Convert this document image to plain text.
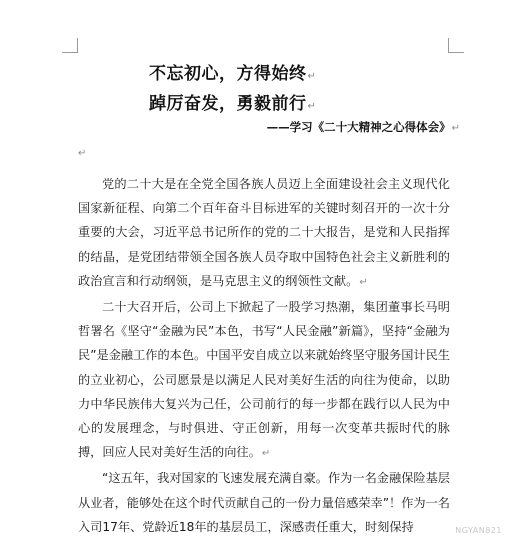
不忘初心，方得始终↵
踔厉奋发，勇毅前行↵
——学习《二十大精神之心得体会》↵
↵

党的二十大是在全党全国各族人员迈上全面建设社会主义现代化国家新征程、向第二个百年奋斗目标进军的关键时刻召开的一次十分重要的大会，习近平总书记所作的党的二十大报告，是党和人民指挥的结晶，是党团结带领全国各族人员夺取中国特色社会主义新胜利的政治宣言和行动纲领，是马克思主义的纲领性文献。↵

二十大召开后，公司上下掀起了一股学习热潮，集团董事长马明哲署名《坚守“金融为民”本色，书写“人民金融”新篇》，坚持“金融为民”是金融工作的本色。中国平安自成立以来就始终坚守服务国计民生的立业初心，公司愿景是以满足人民对美好生活的向往为使命，以助力中华民族伟大复兴为己任，公司前行的每一步都在践行以人民为中心的发展理念，与时俱进、守正创新，用每一次变革共振时代的脉搏，回应人民对美好生活的向往。↵

“这五年，我对国家的飞速发展充满自豪。作为一名金融保险基层从业者，能够处在这个时代贡献自己的一份力量倍感荣幸”！作为一名入司17年、党龄近18年的基层员工，深感责任重大，时刻保持	NGYAN821
